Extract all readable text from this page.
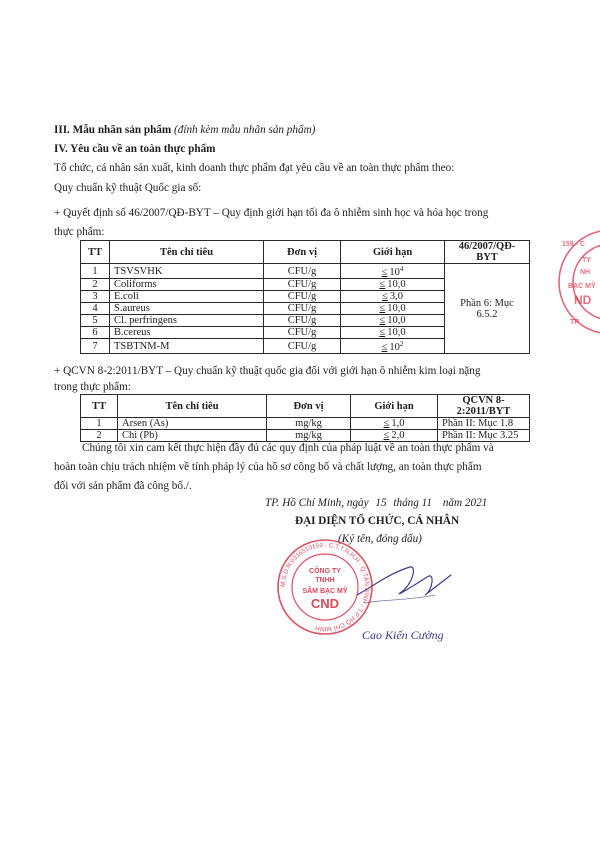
III. Mẫu nhãn sản phẩm (đính kèm mẫu nhãn sản phẩm)
IV. Yêu cầu về an toàn thực phẩm
Tổ chức, cá nhân sản xuất, kinh doanh thực phẩm đạt yêu cầu về an toàn thực phẩm theo:
Quy chuẩn kỹ thuật Quốc gia số:
+ Quyết định số 46/2007/QĐ-BYT – Quy định giới hạn tối đa ô nhiễm sinh học và hóa học trong
thực phẩm:
TT	Tên chỉ tiêu	Đơn vị	Giới hạn	46/2007/QĐ-BYT
1	TSVSVHK	CFU/g	≤ $10^4$	Phần 6: Mục 6.5.2
2	Coliforms	CFU/g	≤ 10,0	
3	E.coli	CFU/g	≤ 3,0	
4	S.aureus	CFU/g	≤ 10,0	
5	Cl. perfringens	CFU/g	≤ 10,0	
6	B.cereus	CFU/g	≤ 10,0	
7	TSBTNM-M	CFU/g	≤ $10^2$
+ QCVN 8-2:2011/BYT – Quy chuẩn kỹ thuật quốc gia đối với giới hạn ô nhiễm kim loại nặng
trong thực phẩm:
TT	Tên chỉ tiêu	Đơn vị	Giới hạn	QCVN 8-2:2011/BYT
1	Arsen (As)	mg/kg	≤ 1,0	Phần II: Mục 1.8
2	Chì (Pb)	mg/kg	≤ 2,0	Phần II: Mục 3.25
Chúng tôi xin cam kết thực hiện đầy đủ các quy định của pháp luật về an toàn thực phẩm và
hoàn toàn chịu trách nhiệm về tính pháp lý của hồ sơ công bố và chất lượng, an toàn thực phẩm
đối với sản phẩm đã công bố./.
TP. Hồ Chí Minh, ngày 15 tháng 11 năm 2021
ĐẠI DIỆN TỔ CHỨC, CÁ NHÂN
(Ký tên, đóng dấu)
159 - C
TY
NH
BẠC MỸ
ND
TP
M.S.D.N:0316510159 - C.T.T.N.H.H - Q.TÂN BÌNH - T.P HỒ CHÍ MINH
CÔNG TY
TNHH
SÂM BẠC MỸ
CND
Cao Kiến Cường
